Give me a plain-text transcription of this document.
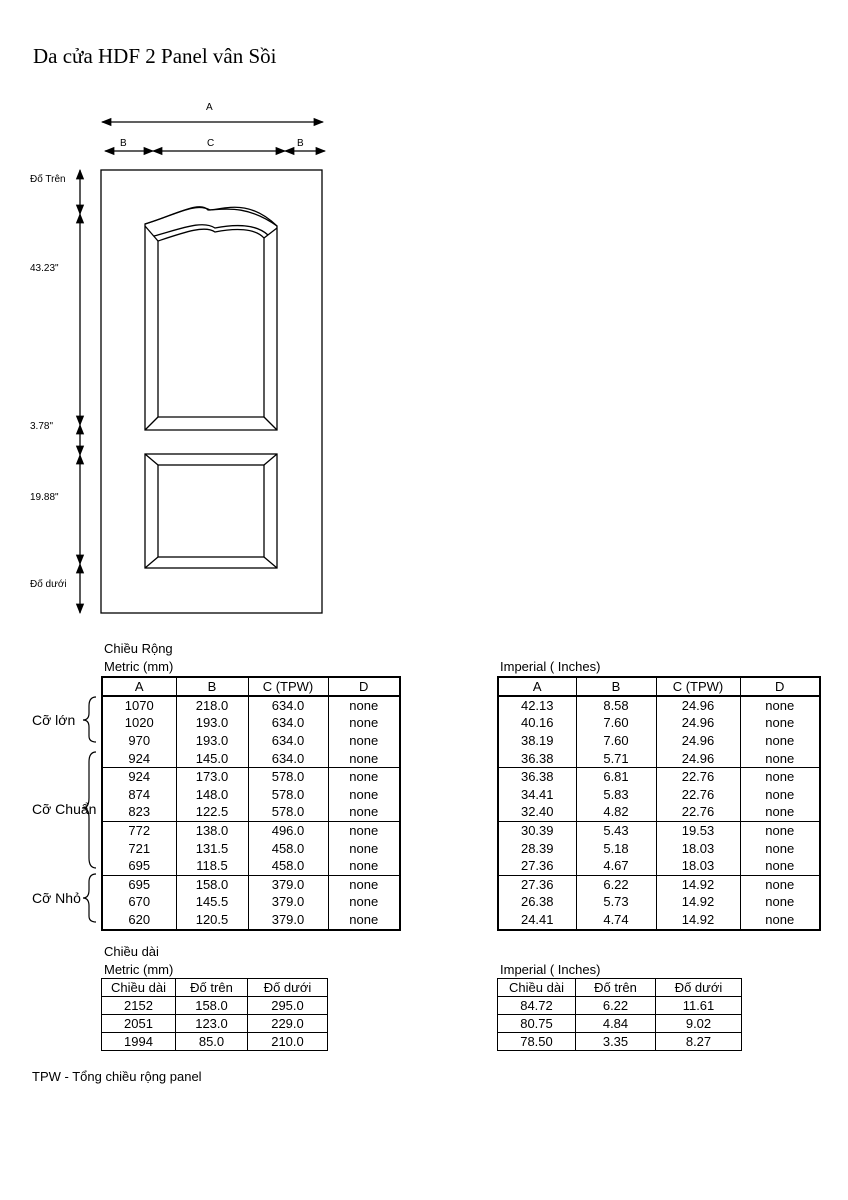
Da cửa HDF 2 Panel vân Sồi
A
B	C	B
Đố Trên
43.23"
3.78"
19.88"
Đố dưới
Chiều Rộng
Metric (mm)	Imperial ( Inches)
A	B	C (TPW)	D
1070	218.0	634.0	none
1020	193.0	634.0	none
970	193.0	634.0	none
924	145.0	634.0	none
924	173.0	578.0	none
874	148.0	578.0	none
823	122.5	578.0	none
772	138.0	496.0	none
721	131.5	458.0	none
695	118.5	458.0	none
695	158.0	379.0	none
670	145.5	379.0	none
620	120.5	379.0	none
A	B	C (TPW)	D
42.13	8.58	24.96	none
40.16	7.60	24.96	none
38.19	7.60	24.96	none
36.38	5.71	24.96	none
36.38	6.81	22.76	none
34.41	5.83	22.76	none
32.40	4.82	22.76	none
30.39	5.43	19.53	none
28.39	5.18	18.03	none
27.36	4.67	18.03	none
27.36	6.22	14.92	none
26.38	5.73	14.92	none
24.41	4.74	14.92	none
Cỡ lớn
Cỡ Chuẩn
Cỡ Nhỏ
Chiều dài
Metric (mm)	Imperial ( Inches)
Chiều dài	Đố trên	Đố dưới
2152	158.0	295.0
2051	123.0	229.0
1994	85.0	210.0
Chiều dài	Đố trên	Đố dưới
84.72	6.22	11.61
80.75	4.84	9.02
78.50	3.35	8.27
TPW - Tổng chiều rộng panel
